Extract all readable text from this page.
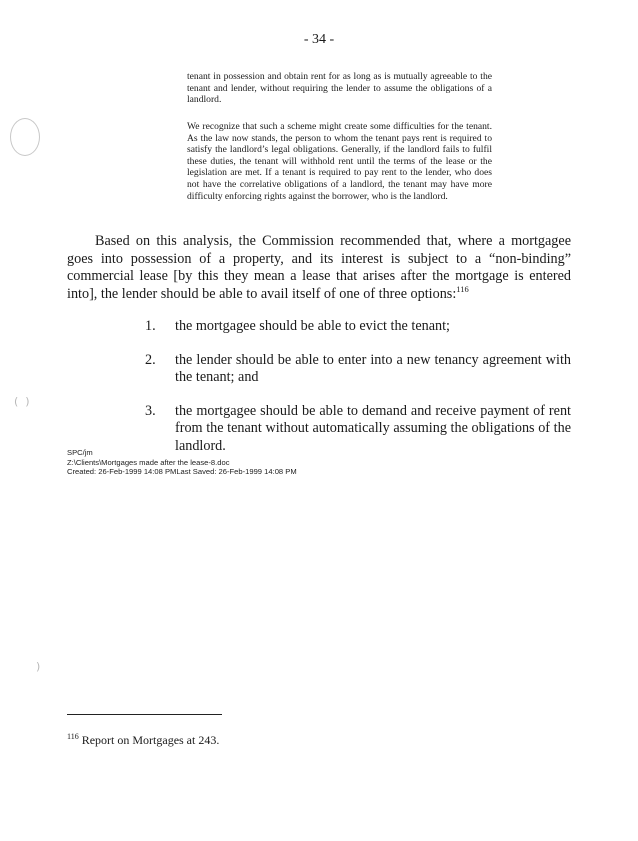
- 34 -

tenant in possession and obtain rent for as long as is mutually agreeable to the tenant and lender, without requiring the lender to assume the obligations of a landlord.

We recognize that such a scheme might create some difficulties for the tenant. As the law now stands, the person to whom the tenant pays rent is required to satisfy the landlord’s legal obligations. Generally, if the landlord fails to fulfil these duties, the tenant will withhold rent until the terms of the lease or the legislation are met. If a tenant is required to pay rent to the lender, who does not have the correlative obligations of a landlord, the tenant may have more difficulty enforcing rights against the borrower, who is the landlord.

Based on this analysis, the Commission recommended that, where a mortgagee goes into possession of a property, and its interest is subject to a “non-binding” commercial lease [by this they mean a lease that arises after the mortgage is entered into], the lender should be able to avail itself of one of three options:$^{116}$
1.	the mortgagee should be able to evict the tenant;
2.	the lender should be able to enter into a new tenancy agreement with the tenant; and
3.	the mortgagee should be able to demand and receive payment of rent from the tenant without automatically assuming the obligations of the landlord.
SPC/jm
Z:\Clients\Mortgages made after the lease-8.doc
Created: 26-Feb-1999 14:08 PMLast Saved: 26-Feb-1999 14:08 PM
$^{116}$ Report on Mortgages at 243.
(  )
)
